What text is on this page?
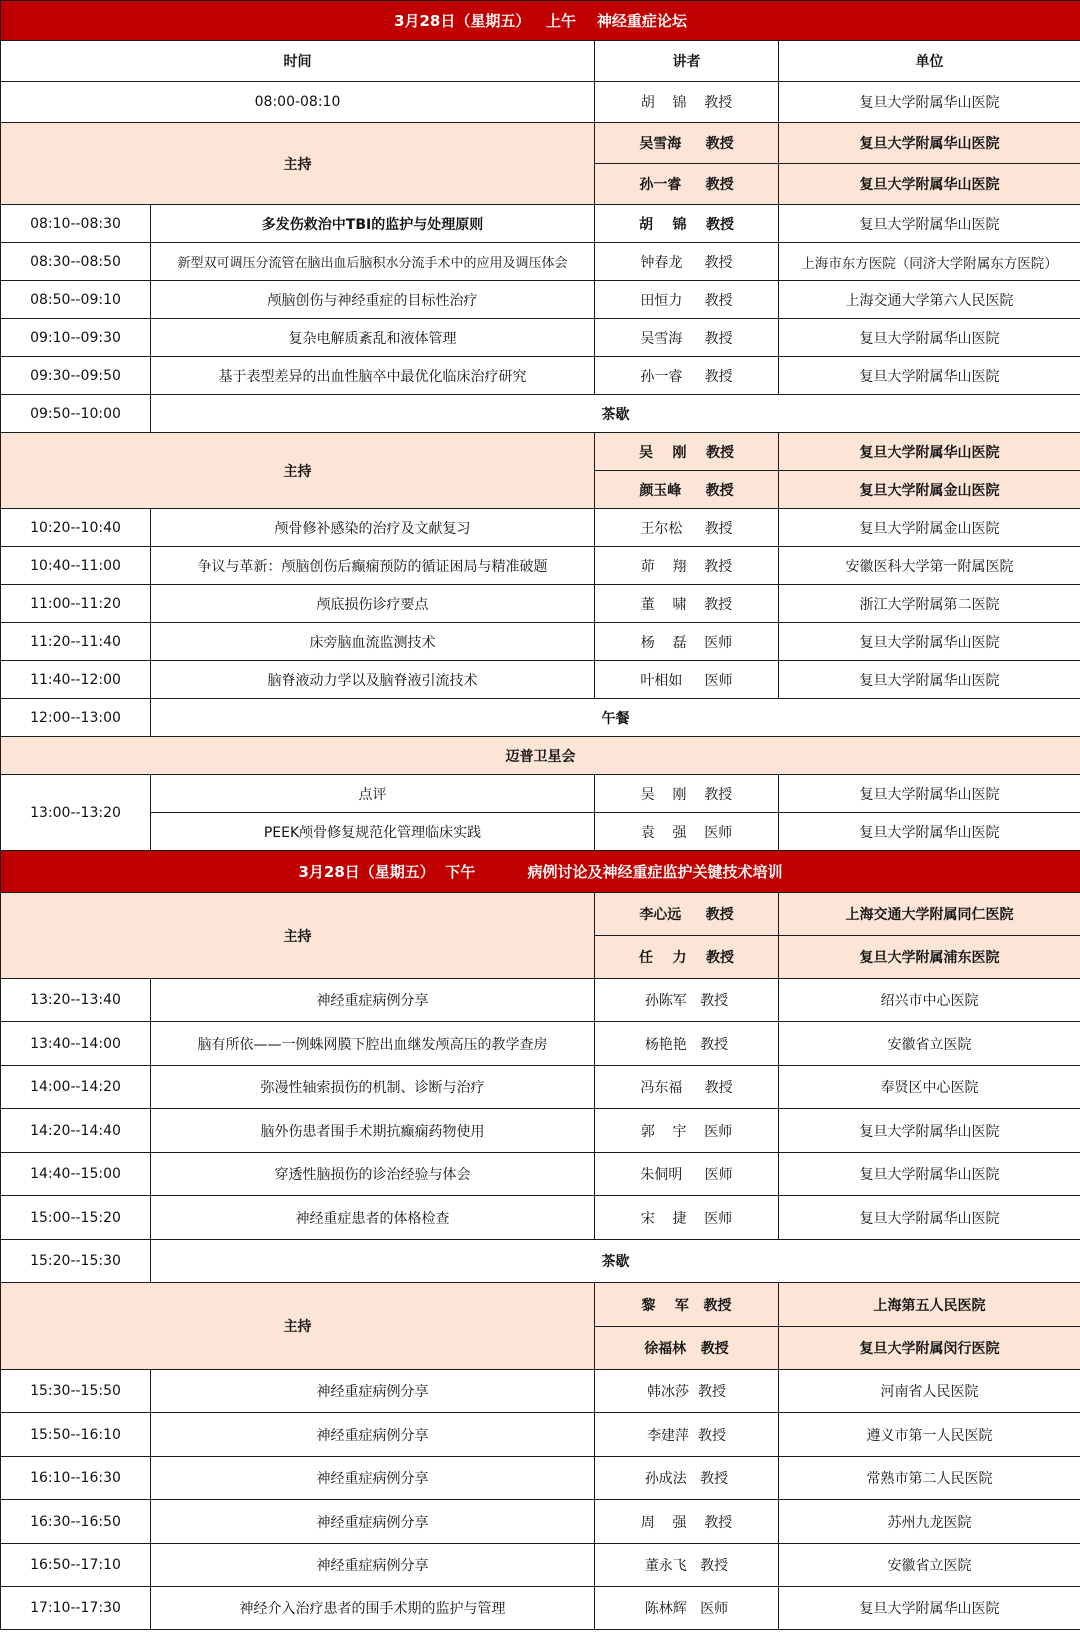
3月28日（星期五）   上午    神经重症论坛			
时间		讲者	单位
08:00-08:10		胡    锦    教授	复旦大学附属华山医院
主持		吴雪海     教授	复旦大学附属华山医院
		孙一睿     教授	复旦大学附属华山医院
08:10--08:30	多发伤救治中TBI的监护与处理原则	胡    锦    教授	复旦大学附属华山医院
08:30--08:50	新型双可调压分流管在脑出血后脑积水分流手术中的应用及调压体会	钟春龙     教授	上海市东方医院（同济大学附属东方医院）
08:50--09:10	颅脑创伤与神经重症的目标性治疗	田恒力     教授	上海交通大学第六人民医院
09:10--09:30	复杂电解质紊乱和液体管理	吴雪海     教授	复旦大学附属华山医院
09:30--09:50	基于表型差异的出血性脑卒中最优化临床治疗研究	孙一睿     教授	复旦大学附属华山医院
09:50--10:00	茶歇		
主持		吴    刚    教授	复旦大学附属华山医院
		颜玉峰     教授	复旦大学附属金山医院
10:20--10:40	颅骨修补感染的治疗及文献复习	王尔松     教授	复旦大学附属金山医院
10:40--11:00	争议与革新：颅脑创伤后癫痫预防的循证困局与精准破题	茆    翔    教授	安徽医科大学第一附属医院
11:00--11:20	颅底损伤诊疗要点	董    啸    教授	浙江大学附属第二医院
11:20--11:40	床旁脑血流监测技术	杨    磊    医师	复旦大学附属华山医院
11:40--12:00	脑脊液动力学以及脑脊液引流技术	叶相如     医师	复旦大学附属华山医院
12:00--13:00	午餐		
迈普卫星会			
13:00--13:20	点评	吴    刚    教授	复旦大学附属华山医院
	PEEK颅骨修复规范化管理临床实践	袁    强    医师	复旦大学附属华山医院
3月28日（星期五）  下午          病例讨论及神经重症监护关键技术培训			
主持		李心远     教授	上海交通大学附属同仁医院
		任    力    教授	复旦大学附属浦东医院
13:20--13:40	神经重症病例分享	孙陈军   教授	绍兴市中心医院
13:40--14:00	脑有所依——一例蛛网膜下腔出血继发颅高压的教学查房	杨艳艳   教授	安徽省立医院
14:00--14:20	弥漫性轴索损伤的机制、诊断与治疗	冯东福     教授	奉贤区中心医院
14:20--14:40	脑外伤患者围手术期抗癫痫药物使用	郭    宇    医师	复旦大学附属华山医院
14:40--15:00	穿透性脑损伤的诊治经验与体会	朱侗明     医师	复旦大学附属华山医院
15:00--15:20	神经重症患者的体格检查	宋    捷    医师	复旦大学附属华山医院
15:20--15:30	茶歇		
主持		黎    军   教授	上海第五人民医院
		徐福林   教授	复旦大学附属闵行医院
15:30--15:50	神经重症病例分享	韩冰莎  教授	河南省人民医院
15:50--16:10	神经重症病例分享	李建萍  教授	遵义市第一人民医院
16:10--16:30	神经重症病例分享	孙成法   教授	常熟市第二人民医院
16:30--16:50	神经重症病例分享	周    强    教授	苏州九龙医院
16:50--17:10	神经重症病例分享	董永飞   教授	安徽省立医院
17:10--17:30	神经介入治疗患者的围手术期的监护与管理	陈林辉   医师	复旦大学附属华山医院
